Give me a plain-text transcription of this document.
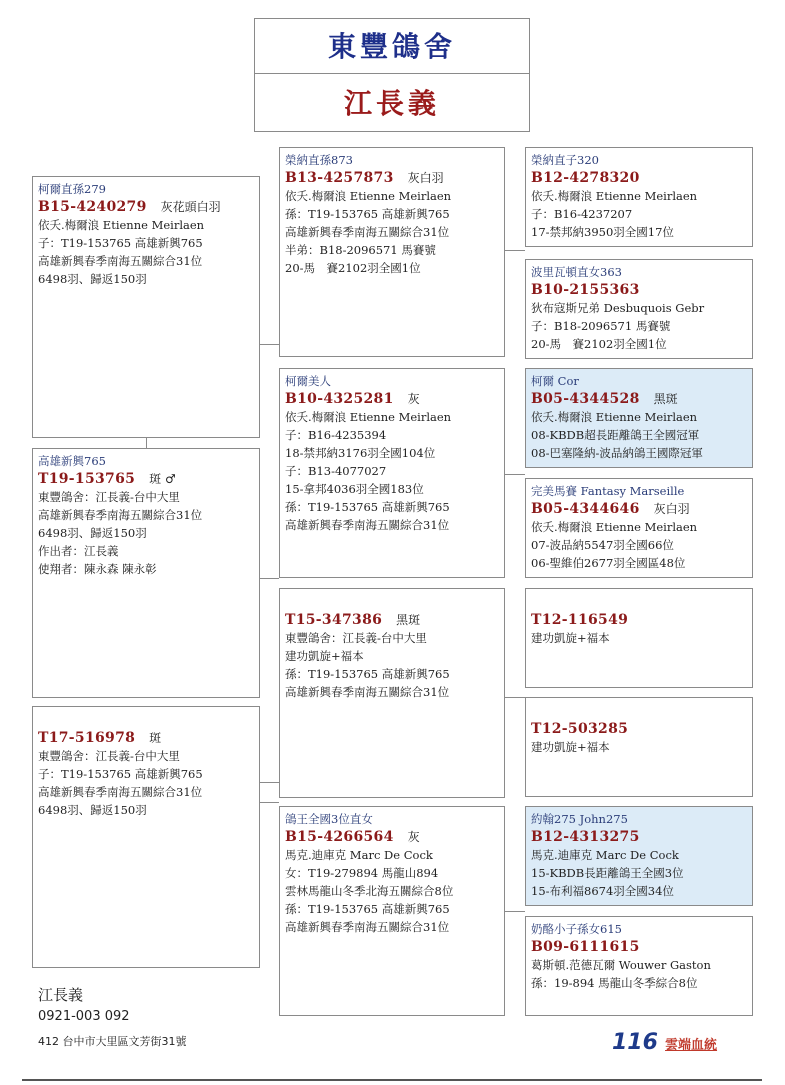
東豐鴿舍
江長義
柯爾直孫279
B15-4240279 灰花頭白羽
依夭.梅爾浪 Etienne Meirlaen
子：T19-153765 高雄新興765
高雄新興春季南海五關綜合31位
6498羽、歸返150羽
高雄新興765
T19-153765 斑 ♂
東豐鴿舍：江長義-台中大里
高雄新興春季南海五關綜合31位
6498羽、歸返150羽
作出者：江長義
使翔者：陳永森 陳永彰
T17-516978 斑
東豐鴿舍：江長義-台中大里
子：T19-153765 高雄新興765
高雄新興春季南海五關綜合31位
6498羽、歸返150羽
榮納直孫873
B13-4257873 灰白羽
依夭.梅爾浪 Etienne Meirlaen
孫：T19-153765 高雄新興765
高雄新興春季南海五關綜合31位
半弟：B18-2096571 馬賽號
20-馬　賽2102羽全國1位
柯爾美人
B10-4325281 灰
依夭.梅爾浪 Etienne Meirlaen
子：B16-4235394
18-禁邦納3176羽全國104位
子：B13-4077027
15-拿邦4036羽全國183位
孫：T19-153765 高雄新興765
高雄新興春季南海五關綜合31位
T15-347386 黑斑
東豐鴿舍：江長義-台中大里
建功凱旋+福本
孫：T19-153765 高雄新興765
高雄新興春季南海五關綜合31位
鴿王全國3位直女
B15-4266564 灰
馬克.迪庫克 Marc De Cock
女：T19-279894 馬龍山894
雲林馬龍山冬季北海五關綜合8位
孫：T19-153765 高雄新興765
高雄新興春季南海五關綜合31位
榮納直子320
B12-4278320
依夭.梅爾浪 Etienne Meirlaen
子：B16-4237207
17-禁邦納3950羽全國17位
波里瓦頓直女363
B10-2155363
狄布寇斯兄弟 Desbuquois Gebr
子：B18-2096571 馬賽號
20-馬　賽2102羽全國1位
柯爾 Cor
B05-4344528 黑斑
依夭.梅爾浪 Etienne Meirlaen
08-KBDB超長距離鴿王全國冠軍
08-巴塞隆納-波品納鴿王國際冠軍
完美馬賽 Fantasy Marseille
B05-4344646 灰白羽
依夭.梅爾浪 Etienne Meirlaen
07-波品納5547羽全國66位
06-聖維伯2677羽全國區48位
T12-116549
建功凱旋+福本
T12-503285
建功凱旋+福本
約翰275 John275
B12-4313275
馬克.迪庫克 Marc De Cock
15-KBDB長距離鴿王全國3位
15-布利福8674羽全國34位
奶酪小子孫女615
B09-6111615
葛斯頓.范德瓦爾 Wouwer Gaston
孫：19-894 馬龍山冬季綜合8位
江長義
0921-003 092
412 台中市大里區文芳街31號	116 雲端血統
